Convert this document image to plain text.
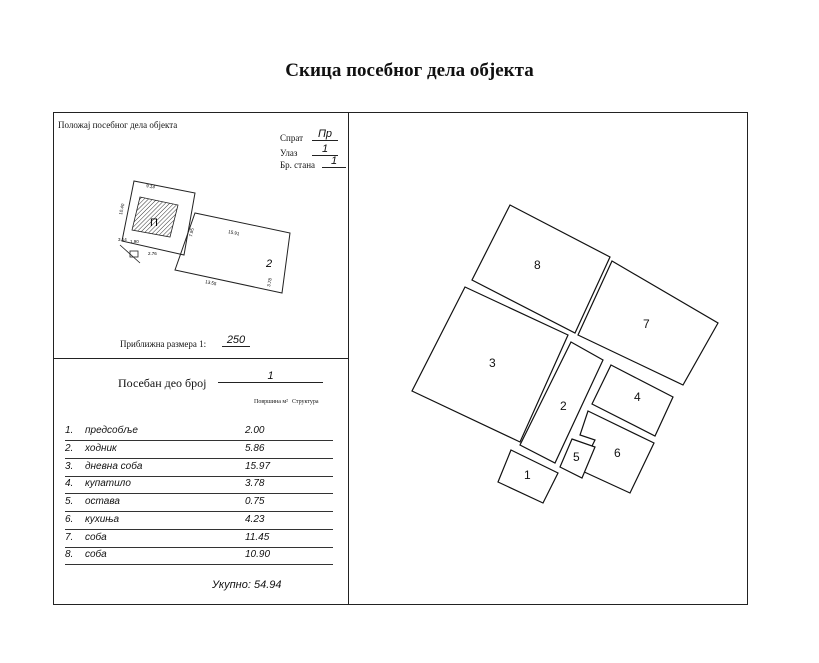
Скица посебног дела објекта
Положај посебног дела објекта
Спрат	Пр
Улаз	1
Бр. стана	1
П
2
9.14
10.40
15.91
2.76
7.95
13.55	3.78
3.14 1.90
Приближна размера 1:	250
Посебан део број	1
Површина м² Структура
1. предсобље	2.00
2. ходник	5.86
3. дневна соба	15.97
4. купатило	3.78
5. остава	0.75
6. кухиња	4.23
7. соба	11.45
8. соба	10.90
Укупно: 54.94
8
7
3
2
4
1
5	6
